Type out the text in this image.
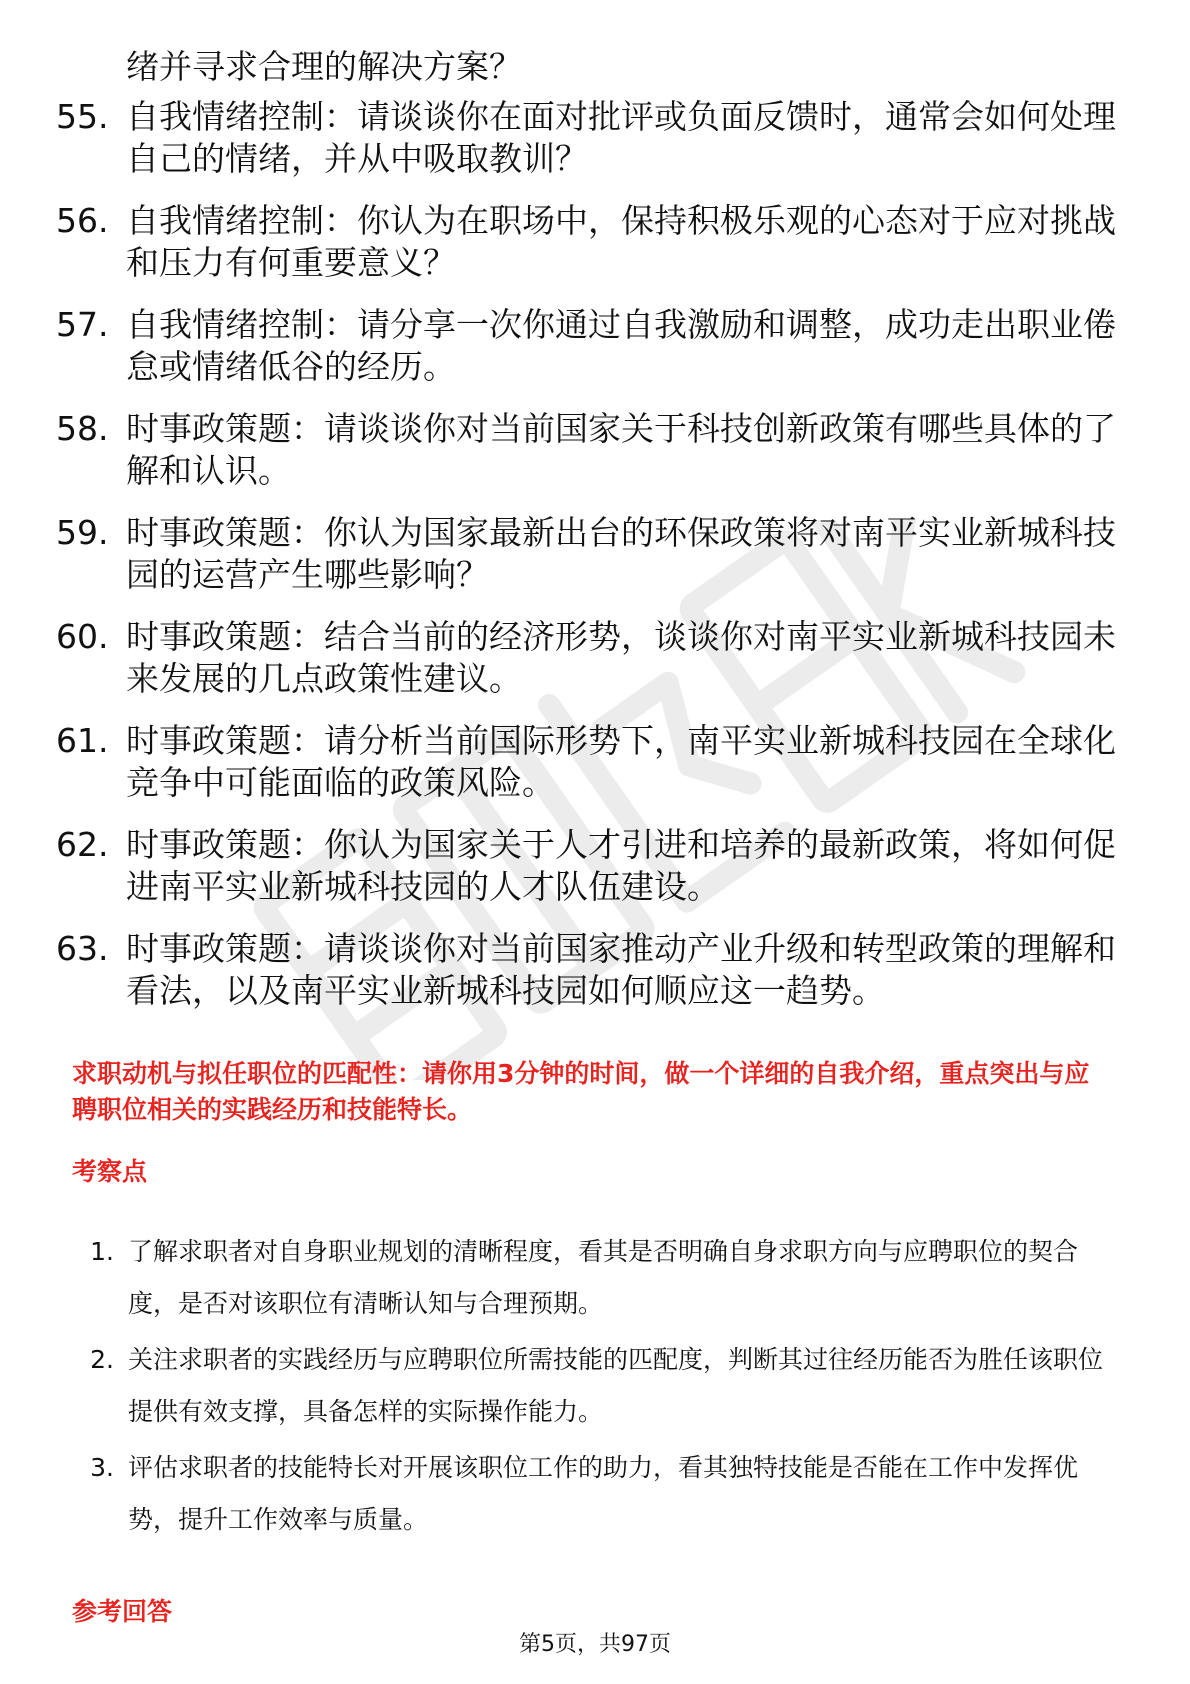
绪并寻求合理的解决方案？
55. 自我情绪控制：请谈谈你在面对批评或负面反馈时，通常会如何处理自己的情绪，并从中吸取教训？
56. 自我情绪控制：你认为在职场中，保持积极乐观的心态对于应对挑战和压力有何重要意义？
57. 自我情绪控制：请分享一次你通过自我激励和调整，成功走出职业倦怠或情绪低谷的经历。
58. 时事政策题：请谈谈你对当前国家关于科技创新政策有哪些具体的了解和认识。
59. 时事政策题：你认为国家最新出台的环保政策将对南平实业新城科技园的运营产生哪些影响？
60. 时事政策题：结合当前的经济形势，谈谈你对南平实业新城科技园未来发展的几点政策性建议。
61. 时事政策题：请分析当前国际形势下，南平实业新城科技园在全球化竞争中可能面临的政策风险。
62. 时事政策题：你认为国家关于人才引进和培养的最新政策，将如何促进南平实业新城科技园的人才队伍建设。
63. 时事政策题：请谈谈你对当前国家推动产业升级和转型政策的理解和看法，以及南平实业新城科技园如何顺应这一趋势。
求职动机与拟任职位的匹配性：请你用3分钟的时间，做一个详细的自我介绍，重点突出与应聘职位相关的实践经历和技能特长。
考察点
1. 了解求职者对自身职业规划的清晰程度，看其是否明确自身求职方向与应聘职位的契合度，是否对该职位有清晰认知与合理预期。
2. 关注求职者的实践经历与应聘职位所需技能的匹配度，判断其过往经历能否为胜任该职位提供有效支撑，具备怎样的实际操作能力。
3. 评估求职者的技能特长对开展该职位工作的助力，看其独特技能是否能在工作中发挥优势，提升工作效率与质量。
参考回答
第5页，共97页
